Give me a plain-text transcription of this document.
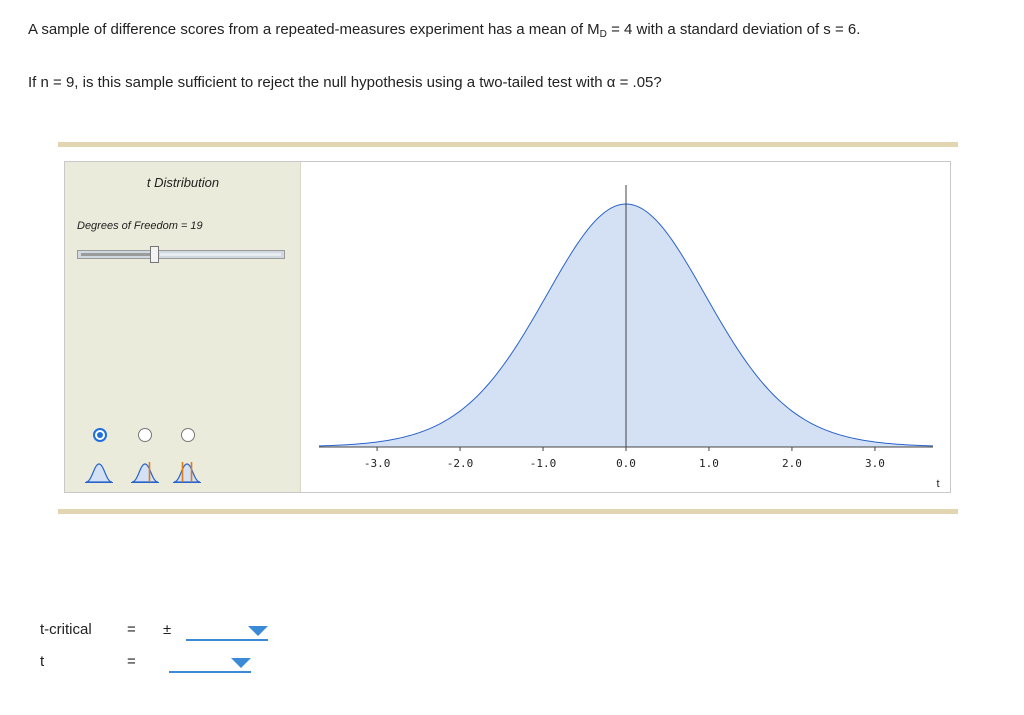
A sample of difference scores from a repeated-measures experiment has a mean of $M_D = 4$ with a standard deviation of s = 6.
If n = 9, is this sample sufficient to reject the null hypothesis using a two-tailed test with α = .05?
t Distribution
Degrees of Freedom = 19
-3.0	-2.0	-1.0	0.0	1.0	2.0	3.0
t
t-critical = ±
t	=
